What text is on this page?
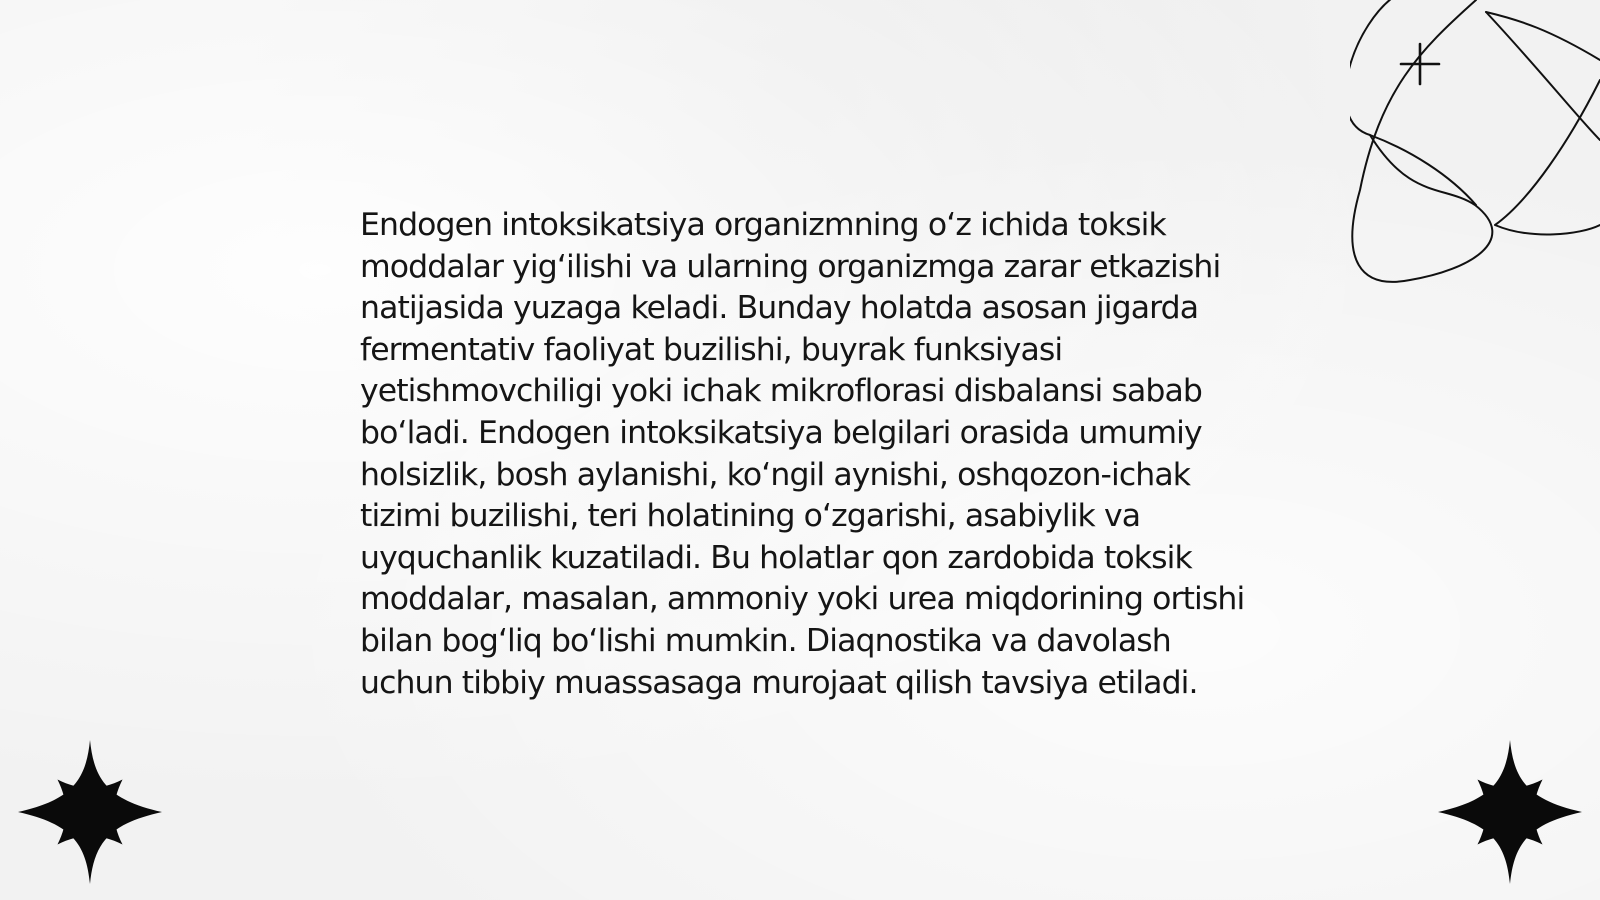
Endogen intoksikatsiya organizmning o‘z ichida toksik moddalar yig‘ilishi va ularning organizmga zarar etkazishi natijasida yuzaga keladi. Bunday holatda asosan jigarda fermentativ faoliyat buzilishi, buyrak funksiyasi yetishmovchiligi yoki ichak mikroflorasi disbalansi sabab bo‘ladi. Endogen intoksikatsiya belgilari orasida umumiy holsizlik, bosh aylanishi, ko‘ngil aynishi, oshqozon-ichak tizimi buzilishi, teri holatining o‘zgarishi, asabiylik va uyquchanlik kuzatiladi. Bu holatlar qon zardobida toksik moddalar, masalan, ammoniy yoki urea miqdorining ortishi bilan bog‘liq bo‘lishi mumkin. Diaqnostika va davolash uchun tibbiy muassasaga murojaat qilish tavsiya etiladi.
